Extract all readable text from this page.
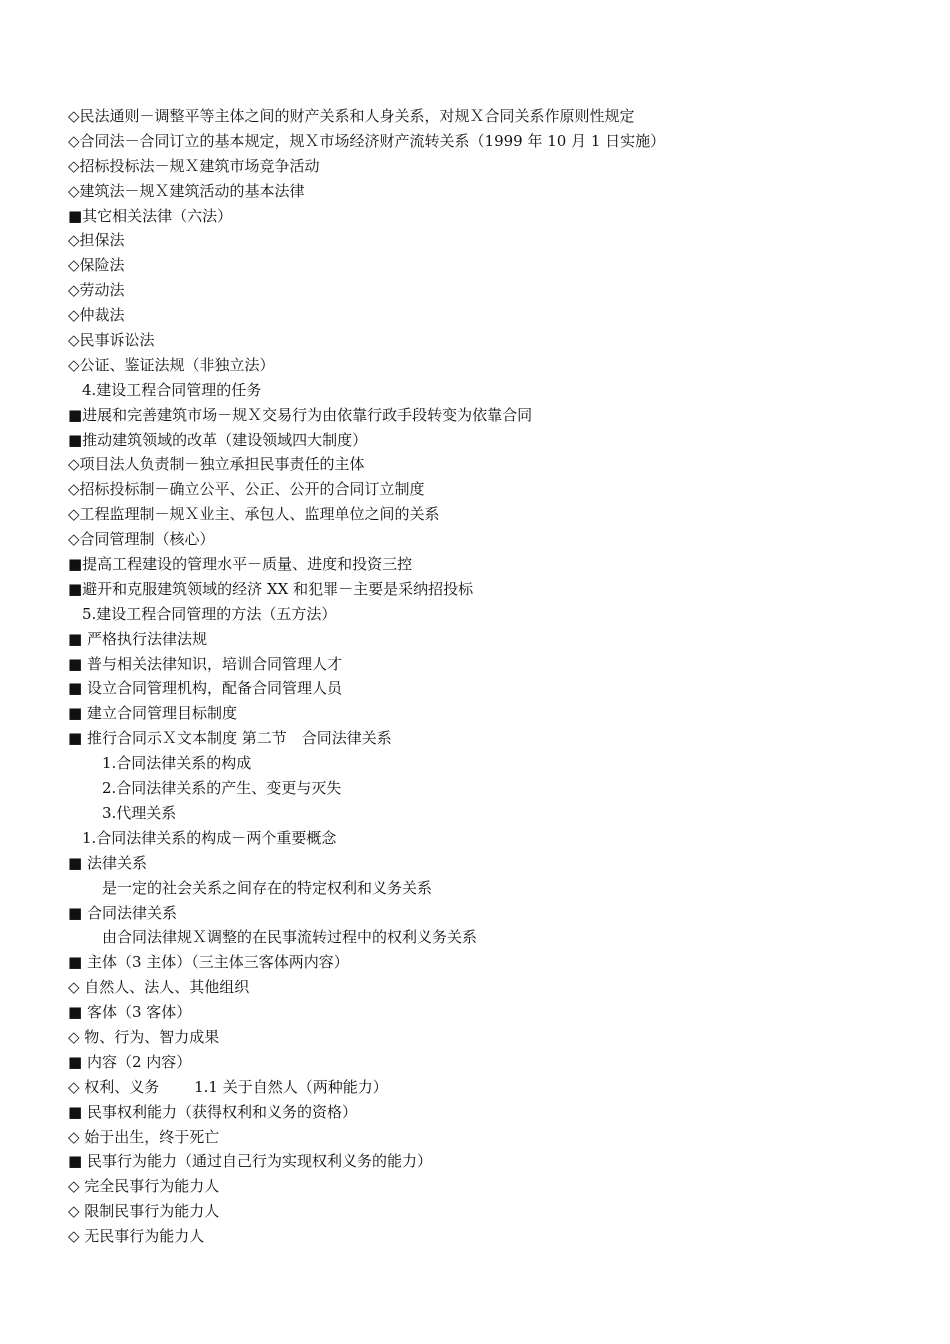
◇民法通则－调整平等主体之间的财产关系和人身关系，对规Ｘ合同关系作原则性规定
◇合同法－合同订立的基本规定，规Ｘ市场经济财产流转关系（1999 年 10 月 1 日实施）
◇招标投标法－规Ｘ建筑市场竞争活动
◇建筑法－规Ｘ建筑活动的基本法律
■其它相关法律（六法）
◇担保法
◇保险法
◇劳动法
◇仲裁法
◇民事诉讼法
◇公证、鉴证法规（非独立法）
4.建设工程合同管理的任务
■进展和完善建筑市场－规Ｘ交易行为由依靠行政手段转变为依靠合同
■推动建筑领域的改革（建设领域四大制度）
◇项目法人负责制－独立承担民事责任的主体
◇招标投标制－确立公平、公正、公开的合同订立制度
◇工程监理制－规Ｘ业主、承包人、监理单位之间的关系
◇合同管理制（核心）
■提高工程建设的管理水平－质量、进度和投资三控
■避开和克服建筑领域的经济 XX 和犯罪－主要是采纳招投标
5.建设工程合同管理的方法（五方法）
■ 严格执行法律法规
■ 普与相关法律知识，培训合同管理人才
■ 设立合同管理机构，配备合同管理人员
■ 建立合同管理目标制度
■ 推行合同示Ｘ文本制度 第二节　合同法律关系
1.合同法律关系的构成
2.合同法律关系的产生、变更与灭失
3.代理关系
1.合同法律关系的构成－两个重要概念
■ 法律关系
是一定的社会关系之间存在的特定权利和义务关系
■ 合同法律关系
由合同法律规Ｘ调整的在民事流转过程中的权利义务关系
■ 主体（3 主体）（三主体三客体两内容）
◇ 自然人、法人、其他组织
■ 客体（3 客体）
◇ 物、行为、智力成果
■ 内容（2 内容）
◇ 权利、义务　　 1.1 关于自然人（两种能力）
■ 民事权利能力（获得权利和义务的资格）
◇ 始于出生，终于死亡
■ 民事行为能力（通过自己行为实现权利义务的能力）
◇ 完全民事行为能力人
◇ 限制民事行为能力人
◇ 无民事行为能力人
